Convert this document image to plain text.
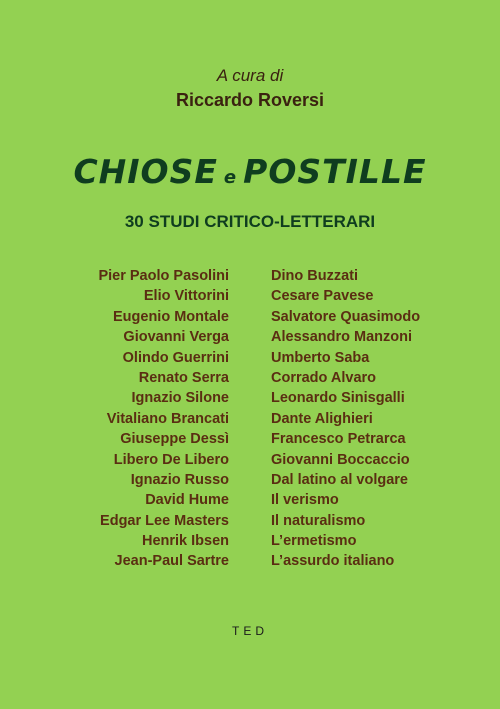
A cura di
Riccardo Roversi
CHIOSE e POSTILLE
30 STUDI CRITICO-LETTERARI
Pier Paolo Pasolini
Elio Vittorini
Eugenio Montale
Giovanni Verga
Olindo Guerrini
Renato Serra
Ignazio Silone
Vitaliano Brancati
Giuseppe Dessì
Libero De Libero
Ignazio Russo
David Hume
Edgar Lee Masters
Henrik Ibsen
Jean-Paul Sartre
Dino Buzzati
Cesare Pavese
Salvatore Quasimodo
Alessandro Manzoni
Umberto Saba
Corrado Alvaro
Leonardo Sinisgalli
Dante Alighieri
Francesco Petrarca
Giovanni Boccaccio
Dal latino al volgare
Il verismo
Il naturalismo
L’ermetismo
L’assurdo italiano
TED
